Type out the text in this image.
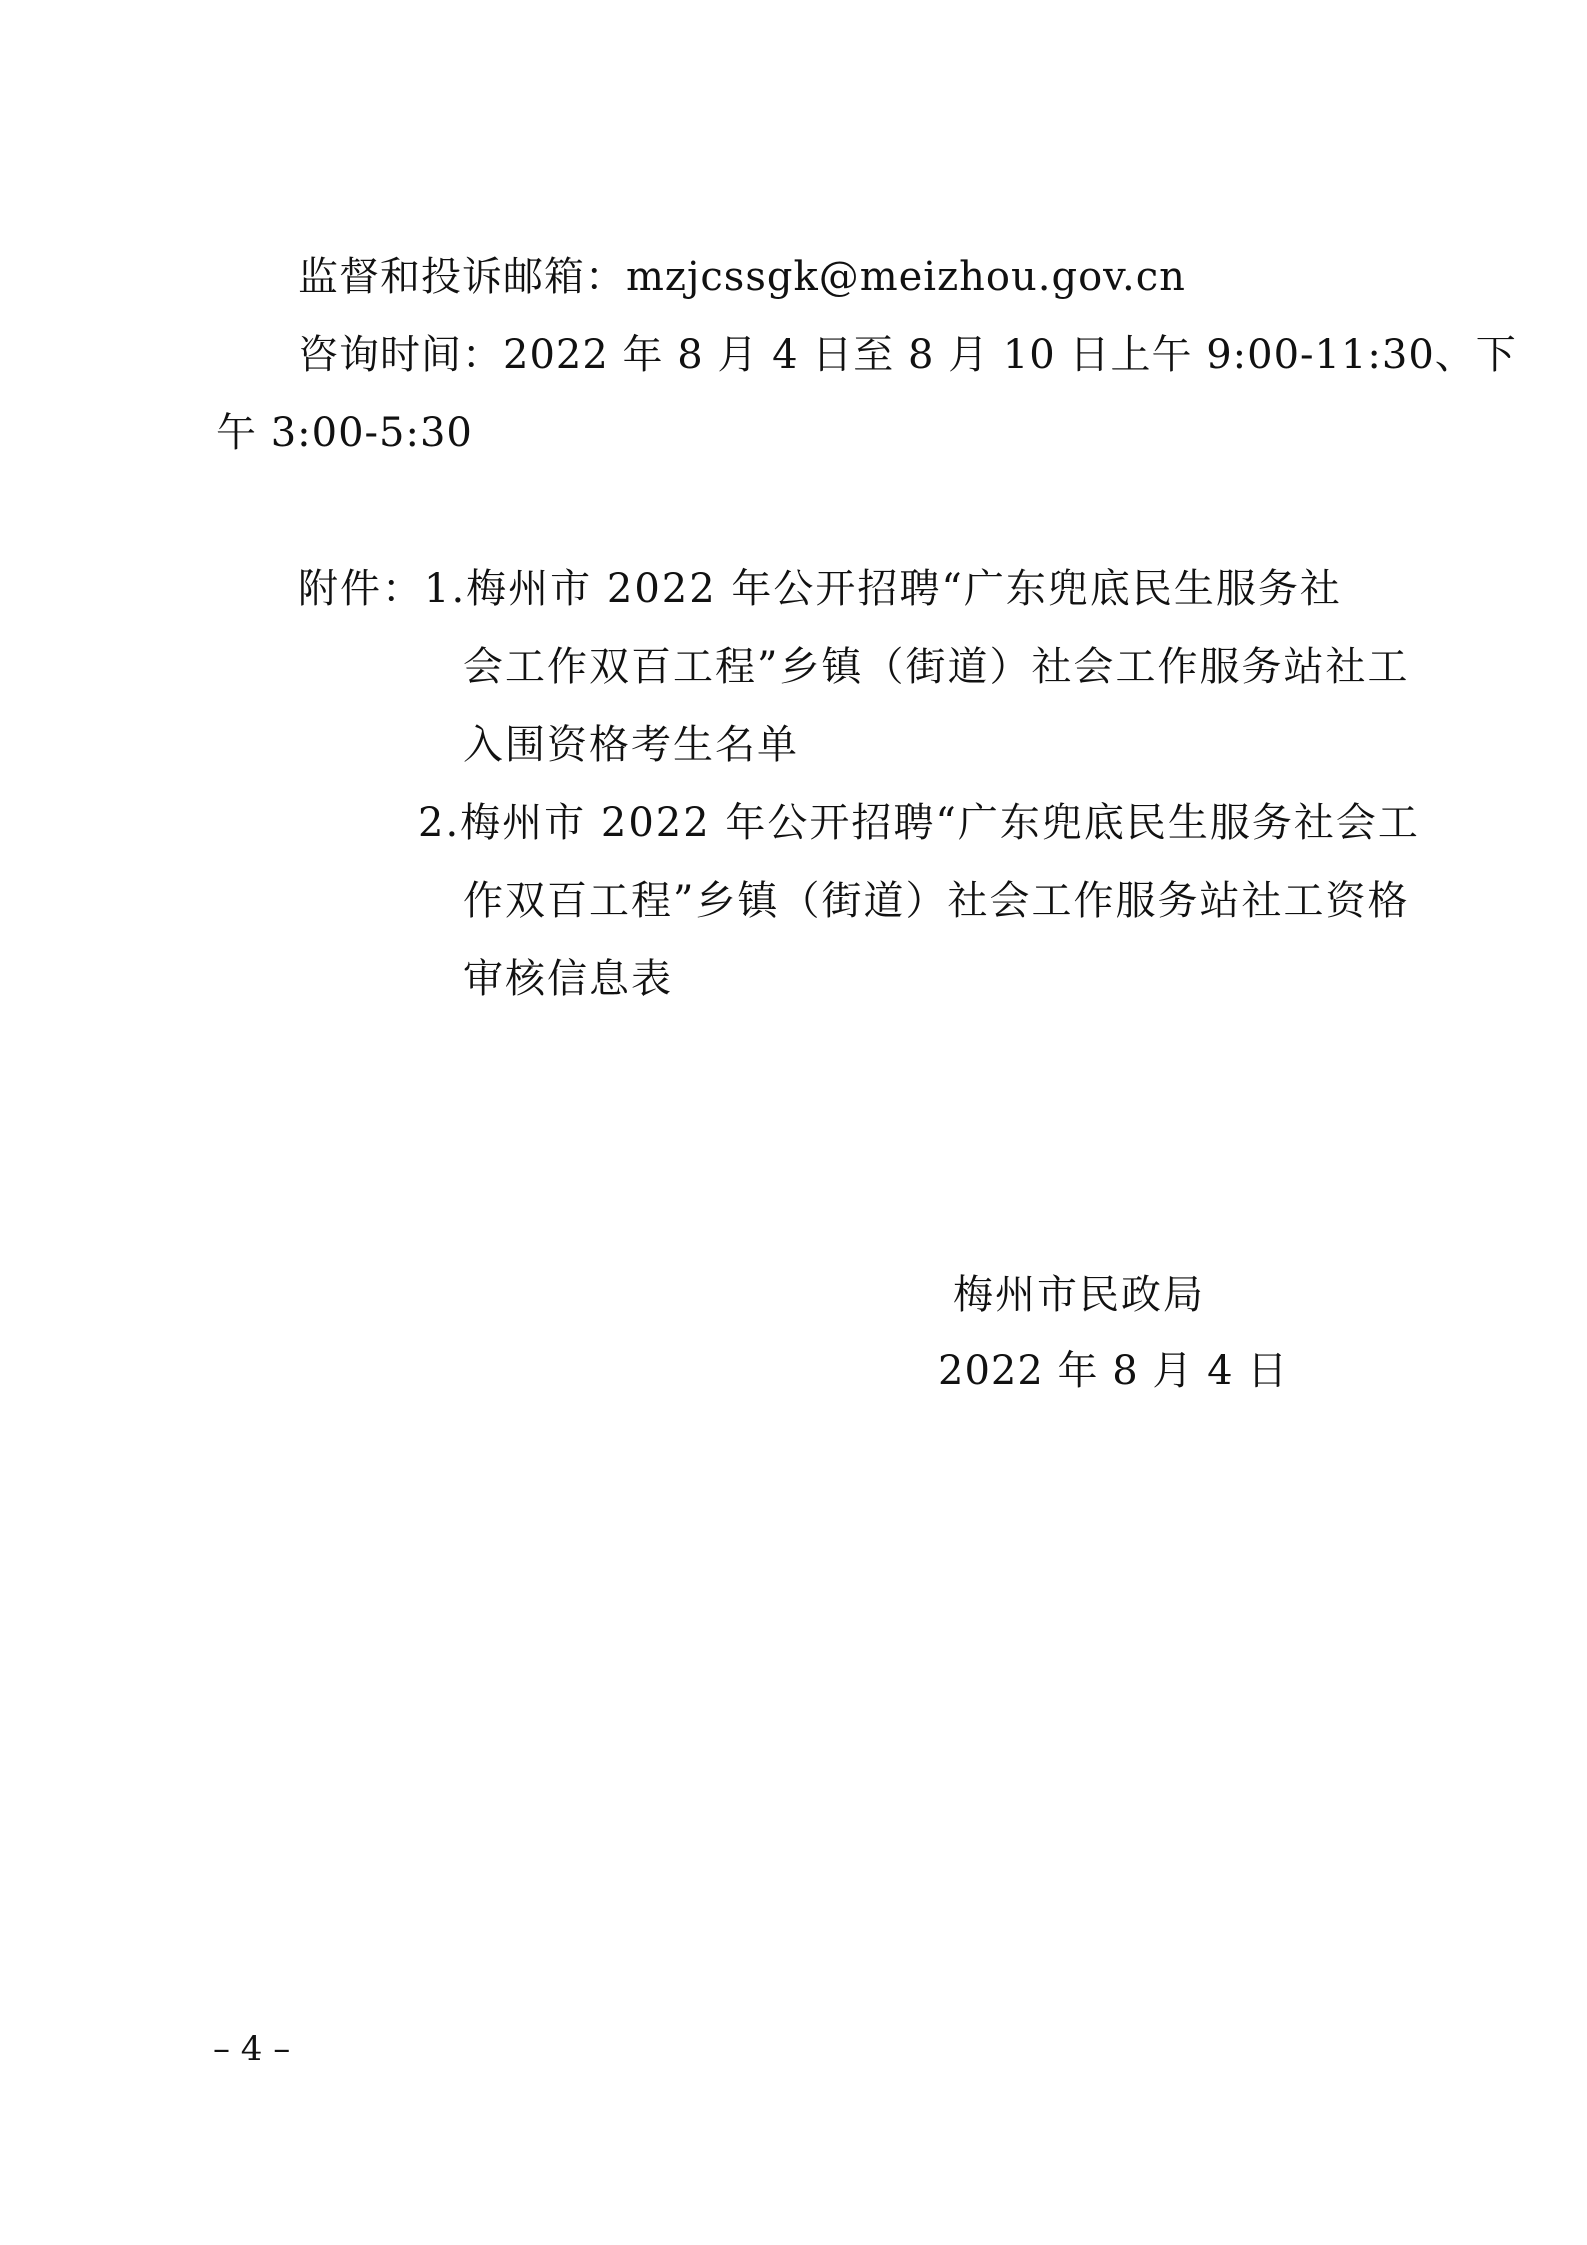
监督和投诉邮箱：mzjcssgk@meizhou.gov.cn
咨询时间：2022 年 8 月 4 日至 8 月 10 日上午 9:00-11:30、下
午 3:00-5:30
附件：1.梅州市 2022 年公开招聘“广东兜底民生服务社
会工作双百工程”乡镇（街道）社会工作服务站社工
入围资格考生名单
2.梅州市 2022 年公开招聘“广东兜底民生服务社会工
作双百工程”乡镇（街道）社会工作服务站社工资格
审核信息表
梅州市民政局
2022 年 8 月 4 日
– 4 –
